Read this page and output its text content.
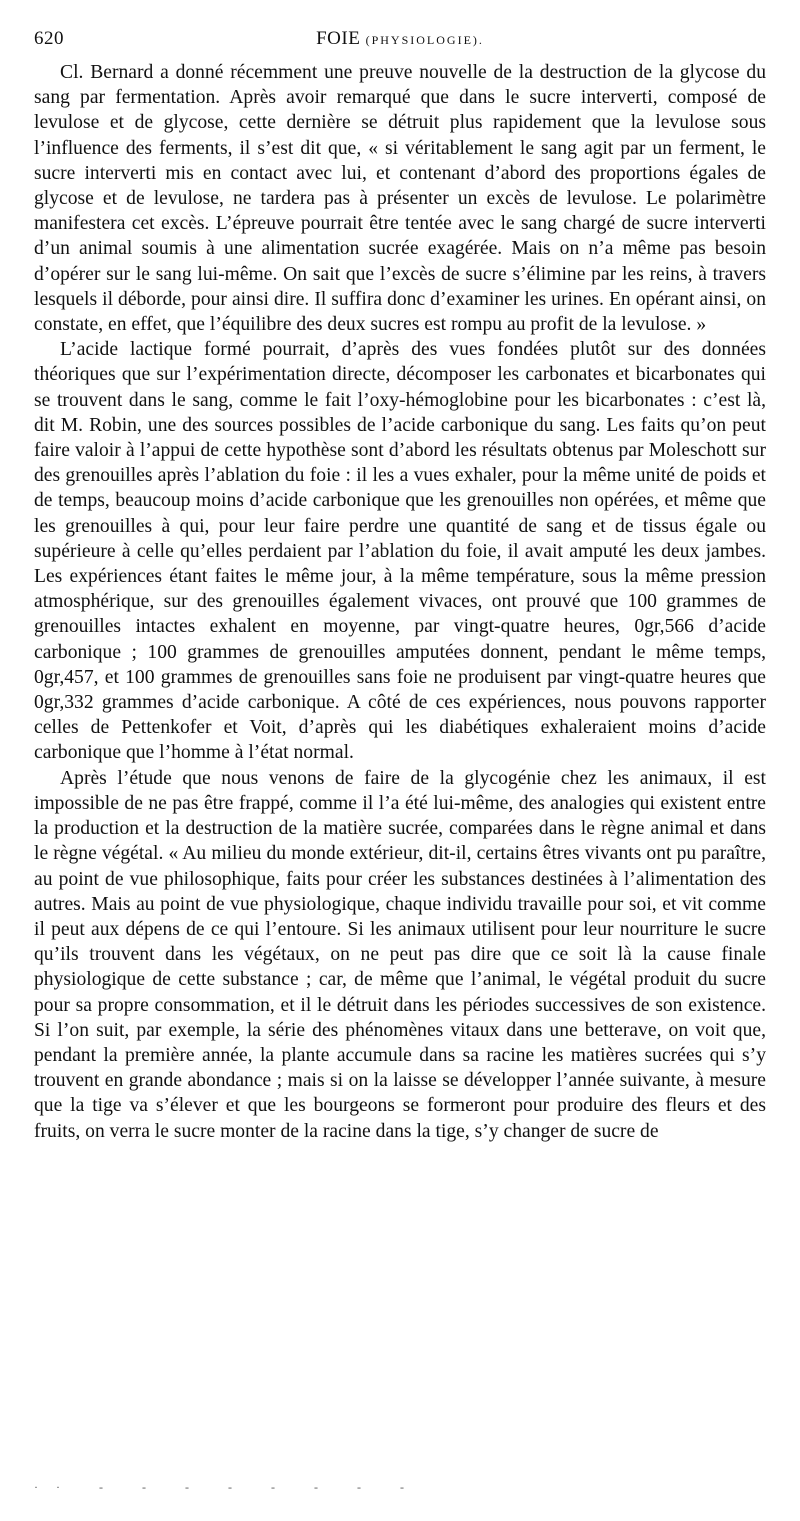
620	FOIE (PHYSIOLOGIE).

Cl. Bernard a donné récemment une preuve nouvelle de la destruction de la glycose du sang par fermentation. Après avoir remarqué que dans le sucre interverti, composé de levulose et de glycose, cette dernière se détruit plus rapidement que la levulose sous l’influence des ferments, il s’est dit que, « si véritablement le sang agit par un ferment, le sucre interverti mis en contact avec lui, et contenant d’abord des proportions égales de glycose et de levulose, ne tardera pas à présenter un excès de levulose. Le polarimètre manifestera cet excès. L’épreuve pourrait être tentée avec le sang chargé de sucre interverti d’un animal soumis à une alimentation sucrée exagérée. Mais on n’a même pas besoin d’opérer sur le sang lui-même. On sait que l’excès de sucre s’élimine par les reins, à travers lesquels il déborde, pour ainsi dire. Il suffira donc d’examiner les urines. En opérant ainsi, on constate, en effet, que l’équilibre des deux sucres est rompu au profit de la levulose. »

L’acide lactique formé pourrait, d’après des vues fondées plutôt sur des données théoriques que sur l’expérimentation directe, décomposer les carbonates et bicarbonates qui se trouvent dans le sang, comme le fait l’oxy-hémoglobine pour les bicarbonates : c’est là, dit M. Robin, une des sources possibles de l’acide carbonique du sang. Les faits qu’on peut faire valoir à l’appui de cette hypothèse sont d’abord les résultats obtenus par Moleschott sur des grenouilles après l’ablation du foie : il les a vues exhaler, pour la même unité de poids et de temps, beaucoup moins d’acide carbonique que les grenouilles non opérées, et même que les grenouilles à qui, pour leur faire perdre une quantité de sang et de tissus égale ou supérieure à celle qu’elles perdaient par l’ablation du foie, il avait amputé les deux jambes. Les expériences étant faites le même jour, à la même température, sous la même pression atmosphérique, sur des grenouilles également vivaces, ont prouvé que 100 grammes de grenouilles intactes exhalent en moyenne, par vingt-quatre heures, 0gr,566 d’acide carbonique ; 100 grammes de grenouilles amputées donnent, pendant le même temps, 0gr,457, et 100 grammes de grenouilles sans foie ne produisent par vingt-quatre heures que 0gr,332 grammes d’acide carbonique. A côté de ces expériences, nous pouvons rapporter celles de Pettenkofer et Voit, d’après qui les diabétiques exhaleraient moins d’acide carbonique que l’homme à l’état normal.

Après l’étude que nous venons de faire de la glycogénie chez les animaux, il est impossible de ne pas être frappé, comme il l’a été lui-même, des analogies qui existent entre la production et la destruction de la matière sucrée, comparées dans le règne animal et dans le règne végétal. « Au milieu du monde extérieur, dit-il, certains êtres vivants ont pu paraître, au point de vue philosophique, faits pour créer les substances destinées à l’alimentation des autres. Mais au point de vue physiologique, chaque individu travaille pour soi, et vit comme il peut aux dépens de ce qui l’entoure. Si les animaux utilisent pour leur nourriture le sucre qu’ils trouvent dans les végétaux, on ne peut pas dire que ce soit là la cause finale physiologique de cette substance ; car, de même que l’animal, le végétal produit du sucre pour sa propre consommation, et il le détruit dans les périodes successives de son existence. Si l’on suit, par exemple, la série des phénomènes vitaux dans une betterave, on voit que, pendant la première année, la plante accumule dans sa racine les matières sucrées qui s’y trouvent en grande abondance ; mais si on la laisse se développer l’année suivante, à mesure que la tige va s’élever et que les bourgeons se formeront pour produire des fleurs et des fruits, on verra le sucre monter de la racine dans la tige, s’y changer de sucre de

·· ‐ ‐ ‐ ‐ ‐ ‐ ‐ ‐
